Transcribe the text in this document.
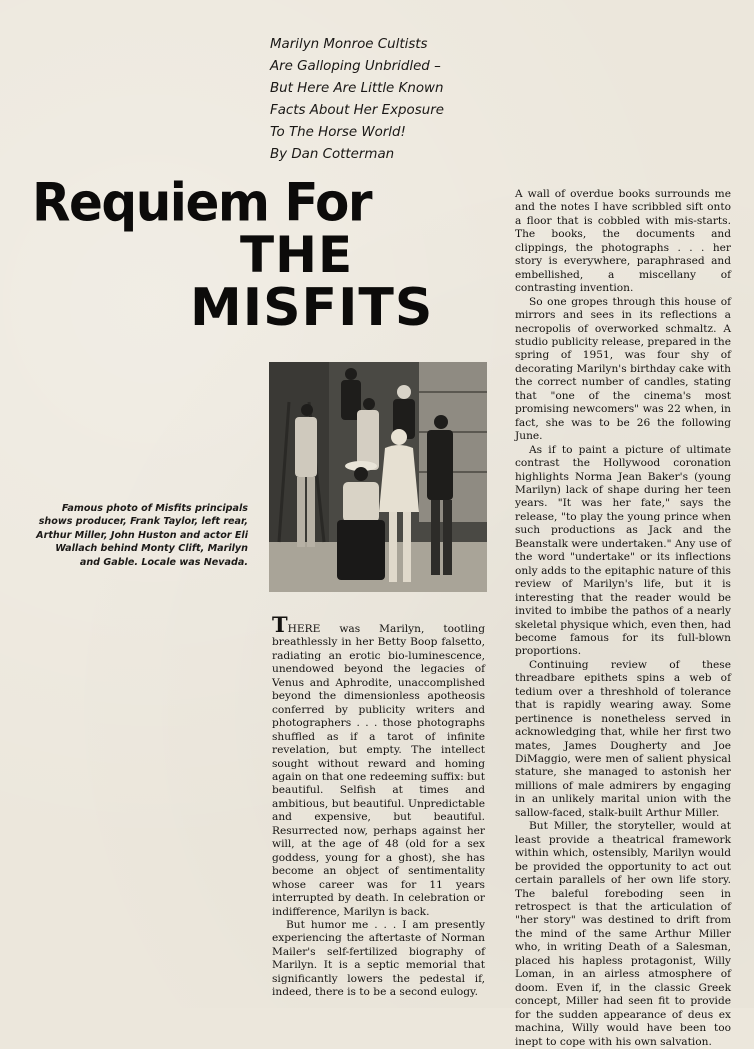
Marilyn Monroe Cultists
Are Galloping Unbridled –
But Here Are Little Known
Facts About Her Exposure
To The Horse World!
By Dan Cotterman
Requiem For
THE
MISFITS
Famous photo of Misfits principals shows producer, Frank Taylor, left rear, Arthur Miller, John Huston and actor Eli Wallach behind Monty Clift, Marilyn and Gable. Locale was Nevada.

THERE was Marilyn, tootling breathlessly in her Betty Boop falsetto, radiating an erotic bio-luminescence, unendowed beyond the legacies of Venus and Aphrodite, unaccomplished beyond the dimensionless apotheosis conferred by publicity writers and photographers . . . those photographs shuffled as if a tarot of infinite revelation, but empty. The intellect sought without reward and homing again on that one redeeming suffix: but beautiful. Selfish at times and ambitious, but beautiful. Unpredictable and expensive, but beautiful. Resurrected now, perhaps against her will, at the age of 48 (old for a sex goddess, young for a ghost), she has become an object of sentimentality whose career was for 11 years interrupted by death. In celebration or indifference, Marilyn is back.

But humor me . . . I am presently experiencing the aftertaste of Norman Mailer's self-fertilized biography of Marilyn. It is a septic memorial that significantly lowers the pedestal if, indeed, there is to be a second eulogy.

A wall of overdue books surrounds me and the notes I have scribbled sift onto a floor that is cobbled with mis-starts. The books, the documents and clippings, the photographs . . . her story is everywhere, paraphrased and embellished, a miscellany of contrasting invention.

So one gropes through this house of mirrors and sees in its reflections a necropolis of overworked schmaltz. A studio publicity release, prepared in the spring of 1951, was four shy of decorating Marilyn's birthday cake with the correct number of candles, stating that "one of the cinema's most promising newcomers" was 22 when, in fact, she was to be 26 the following June.

As if to paint a picture of ultimate contrast the Hollywood coronation highlights Norma Jean Baker's (young Marilyn) lack of shape during her teen years. "It was her fate," says the release, "to play the young prince when such productions as Jack and the Beanstalk were undertaken." Any use of the word "undertake" or its inflections only adds to the epitaphic nature of this review of Marilyn's life, but it is interesting that the reader would be invited to imbibe the pathos of a nearly skeletal physique which, even then, had become famous for its full-blown proportions.

Continuing review of these threadbare epithets spins a web of tedium over a threshhold of tolerance that is rapidly wearing away. Some pertinence is nonetheless served in acknowledging that, while her first two mates, James Dougherty and Joe DiMaggio, were men of salient physical stature, she managed to astonish her millions of male admirers by engaging in an unlikely marital union with the sallow-faced, stalk-built Arthur Miller.

But Miller, the storyteller, would at least provide a theatrical framework within which, ostensibly, Marilyn would be provided the opportunity to act out certain parallels of her own life story. The baleful foreboding seen in retrospect is that the articulation of "her story" was destined to drift from the mind of the same Arthur Miller who, in writing Death of a Salesman, placed his hapless protagonist, Willy Loman, in an airless atmosphere of doom. Even if, in the classic Greek concept, Miller had seen fit to provide for the sudden appearance of deus ex machina, Willy would have been too inept to cope with his own salvation.
